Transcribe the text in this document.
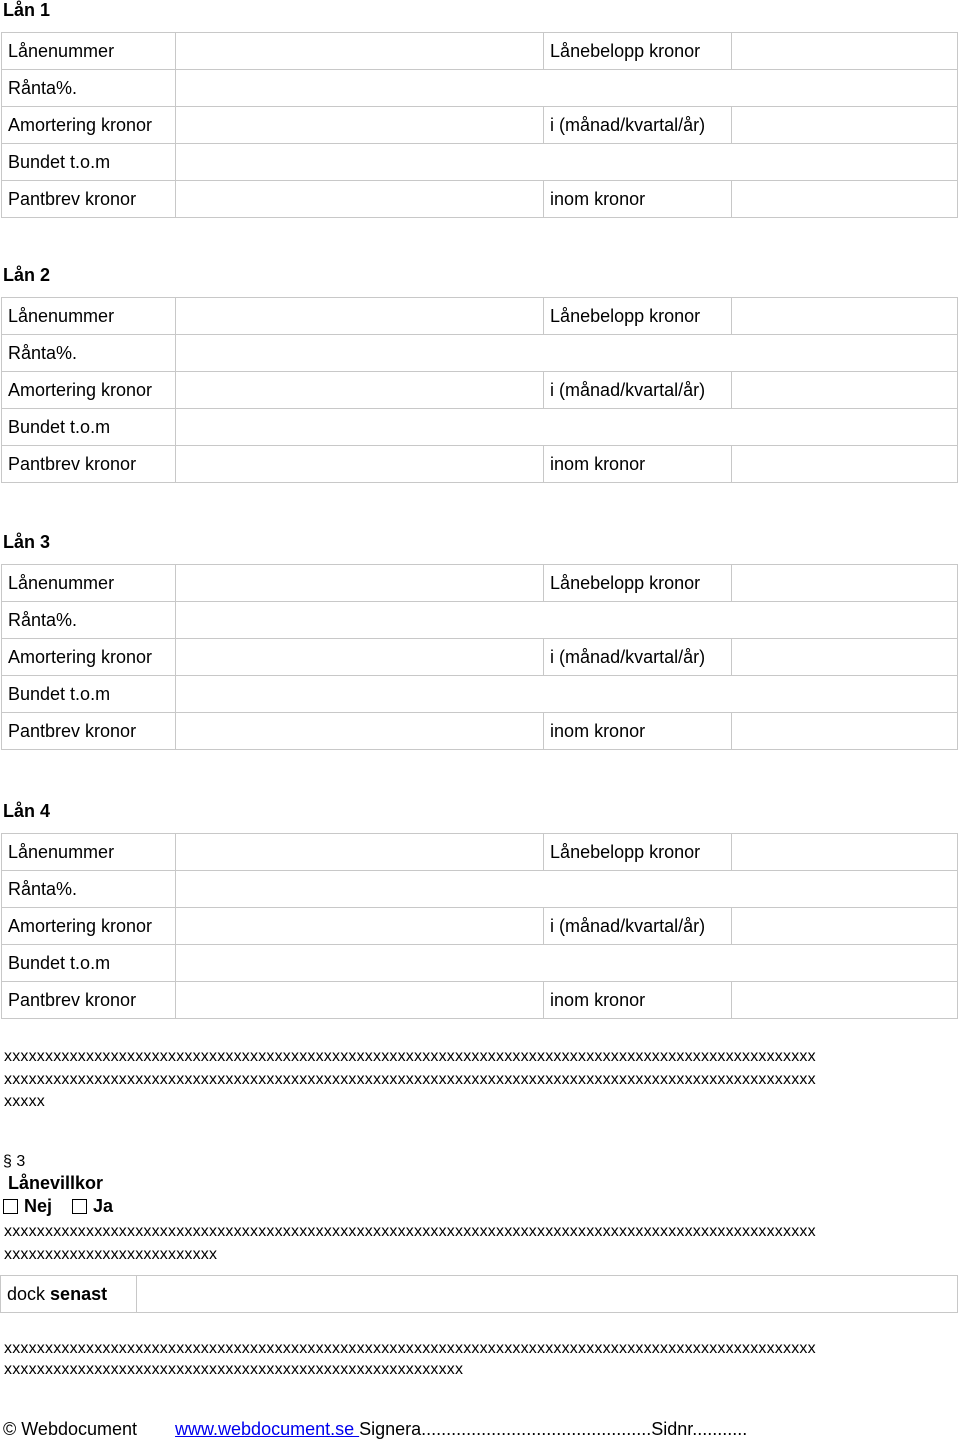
Lån 1
Lånenummer		Lånebelopp kronor	
Rånta%.			
Amortering kronor		i (månad/kvartal/år)	
Bundet t.o.m			
Pantbrev kronor		inom kronor	
Lån 2
Lånenummer		Lånebelopp kronor	
Rånta%.			
Amortering kronor		i (månad/kvartal/år)	
Bundet t.o.m			
Pantbrev kronor		inom kronor	
Lån 3
Lånenummer		Lånebelopp kronor	
Rånta%.			
Amortering kronor		i (månad/kvartal/år)	
Bundet t.o.m			
Pantbrev kronor		inom kronor	
Lån 4
Lånenummer		Lånebelopp kronor	
Rånta%.			
Amortering kronor		i (månad/kvartal/år)	
Bundet t.o.m			
Pantbrev kronor		inom kronor	
xxxxxxxxxxxxxxxxxxxxxxxxxxxxxxxxxxxxxxxxxxxxxxxxxxxxxxxxxxxxxxxxxxxxxxxxxxxxxxxxxxxxxxxxxxxxxxxxxxx
xxxxxxxxxxxxxxxxxxxxxxxxxxxxxxxxxxxxxxxxxxxxxxxxxxxxxxxxxxxxxxxxxxxxxxxxxxxxxxxxxxxxxxxxxxxxxxxxxxx
xxxxx
§ 3
Lånevillkor
Nej Ja
xxxxxxxxxxxxxxxxxxxxxxxxxxxxxxxxxxxxxxxxxxxxxxxxxxxxxxxxxxxxxxxxxxxxxxxxxxxxxxxxxxxxxxxxxxxxxxxxxxx
xxxxxxxxxxxxxxxxxxxxxxxxxx
dock senast	
xxxxxxxxxxxxxxxxxxxxxxxxxxxxxxxxxxxxxxxxxxxxxxxxxxxxxxxxxxxxxxxxxxxxxxxxxxxxxxxxxxxxxxxxxxxxxxxxxxx
xxxxxxxxxxxxxxxxxxxxxxxxxxxxxxxxxxxxxxxxxxxxxxxxxxxxxxxx
© Webdocument www.webdocument.se Signera..............................................Sidnr...........
